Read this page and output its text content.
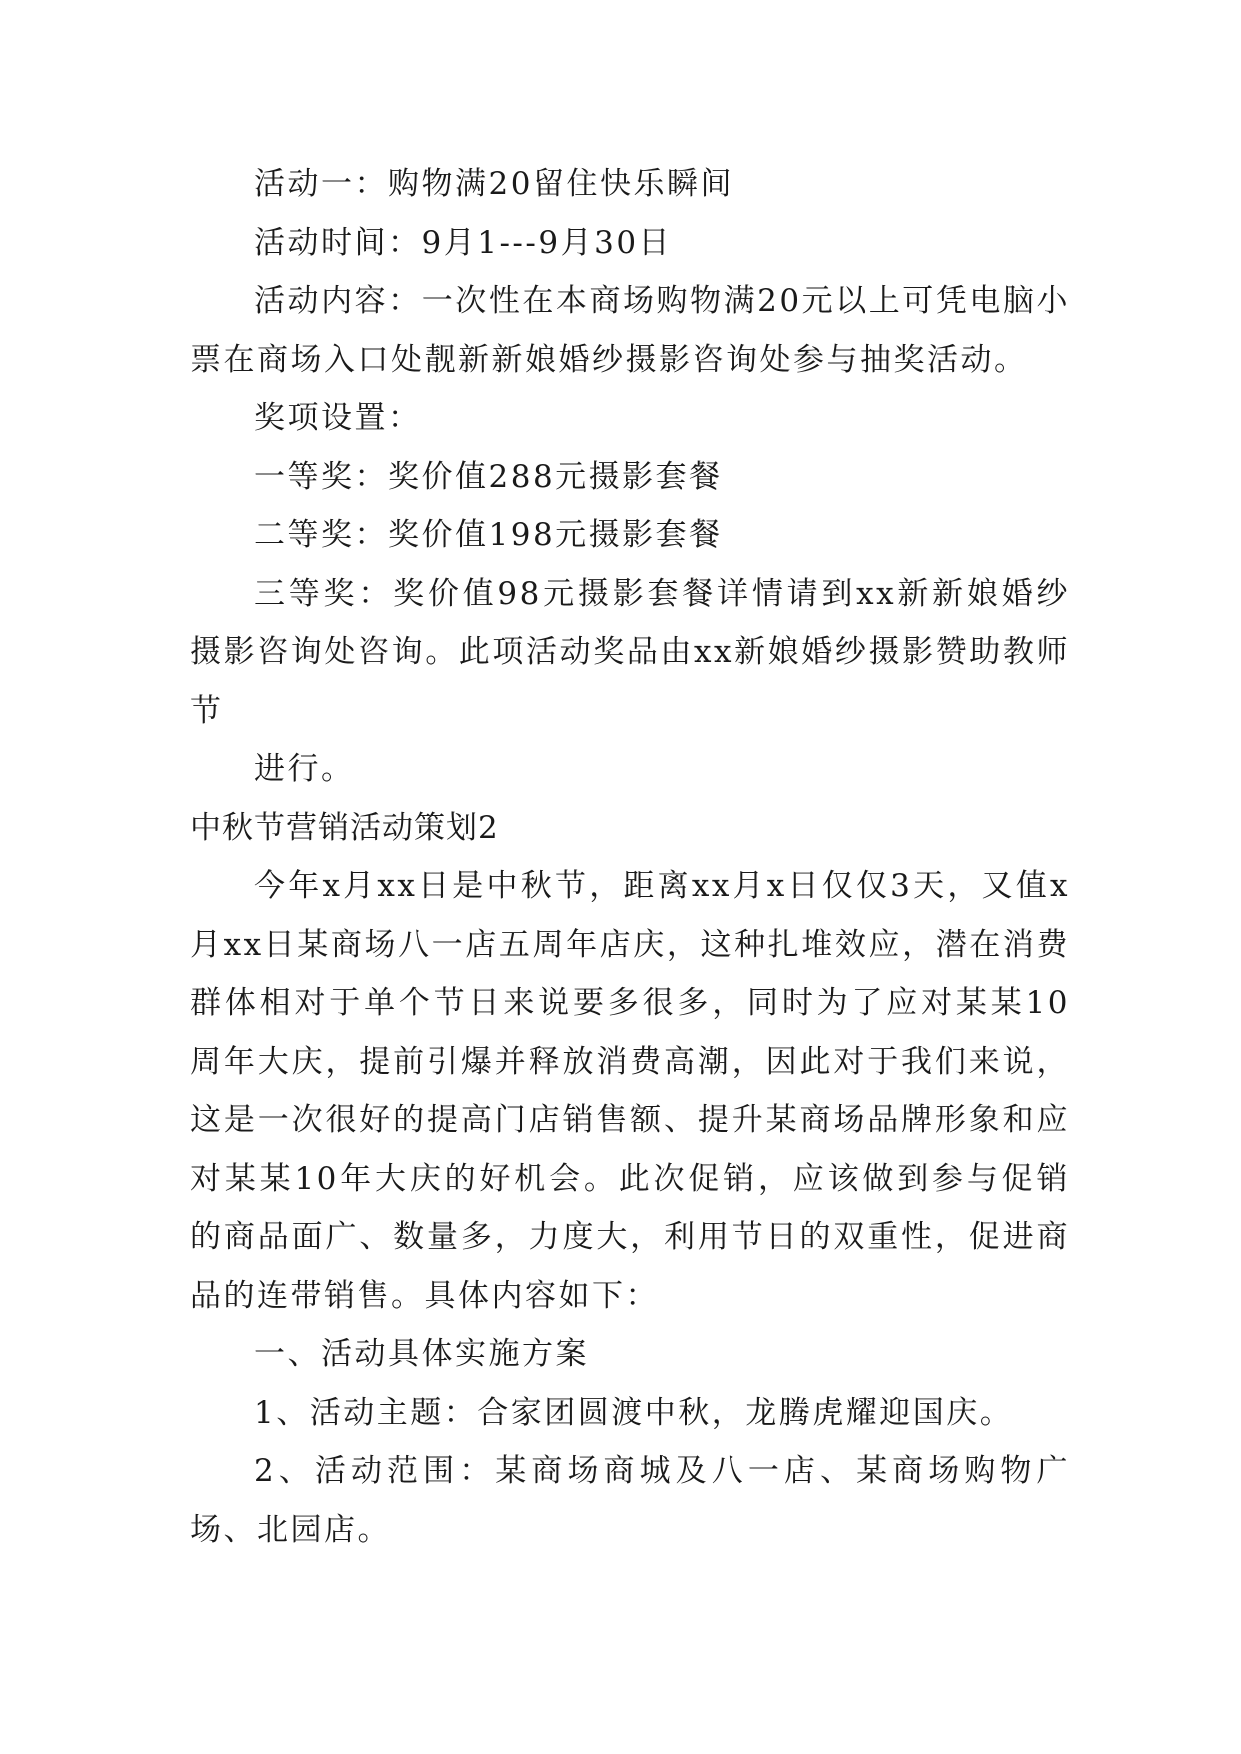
活动一：购物满20留住快乐瞬间

活动时间：9月1---9月30日

活动内容：一次性在本商场购物满20元以上可凭电脑小票在商场入口处靓新新娘婚纱摄影咨询处参与抽奖活动。

奖项设置：

一等奖：奖价值288元摄影套餐

二等奖：奖价值198元摄影套餐

三等奖：奖价值98元摄影套餐详情请到xx新新娘婚纱摄影咨询处咨询。此项活动奖品由xx新娘婚纱摄影赞助教师节

进行。

中秋节营销活动策划2

今年x月xx日是中秋节，距离xx月x日仅仅3天，又值x月xx日某商场八一店五周年店庆，这种扎堆效应，潜在消费群体相对于单个节日来说要多很多，同时为了应对某某10周年大庆，提前引爆并释放消费高潮，因此对于我们来说，这是一次很好的提高门店销售额、提升某商场品牌形象和应对某某10年大庆的好机会。此次促销，应该做到参与促销的商品面广、数量多，力度大，利用节日的双重性，促进商品的连带销售。具体内容如下：

一、活动具体实施方案

1、活动主题：合家团圆渡中秋，龙腾虎耀迎国庆。

2、活动范围：某商场商城及八一店、某商场购物广场、北园店。
